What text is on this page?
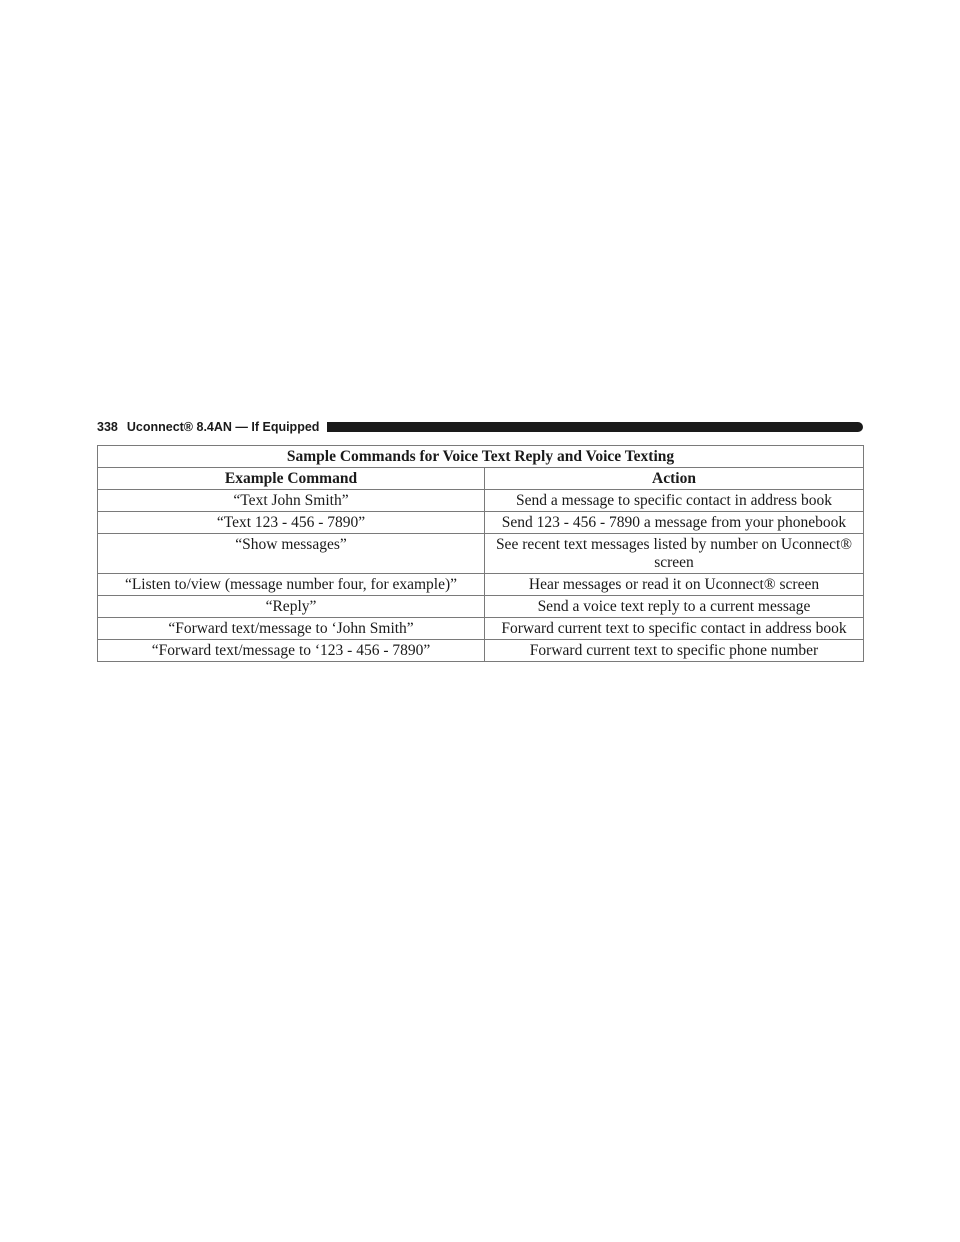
338 Uconnect® 8.4AN — If Equipped
Sample Commands for Voice Text Reply and Voice Texting	
Example Command	Action
“Text John Smith”	Send a message to specific contact in address book
“Text 123 - 456 - 7890”	Send 123 - 456 - 7890 a message from your phonebook
“Show messages”	See recent text messages listed by number on Uconnect® screen
“Listen to/view (message number four, for example)”	Hear messages or read it on Uconnect® screen
“Reply”	Send a voice text reply to a current message
“Forward text/message to ‘John Smith”	Forward current text to specific contact in address book
“Forward text/message to ‘123 - 456 - 7890”	Forward current text to specific phone number
